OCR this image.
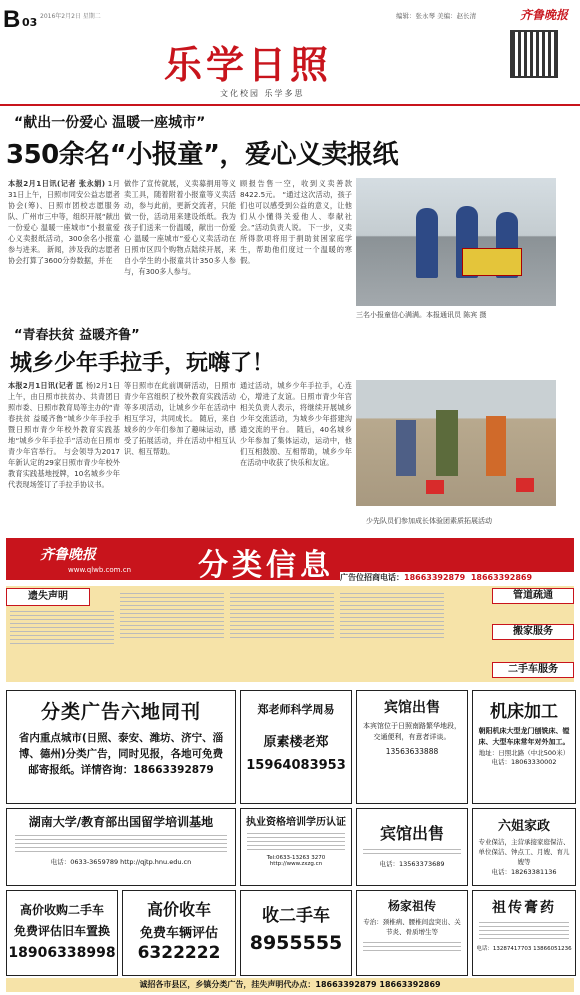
B 03 2016年2月2日 星期二	编辑：张永琴 美编：赵长清	齐鲁晚报
乐学日照
文化校园 乐学多思
“献出一份爱心 温暖一座城市”
350余名“小报童”，爱心义卖报纸
本报2月1日讯(记者 张永娟) 1月31日上午，日照市同安公益志愿者协会(筹)、日照市团校志愿服务队、广州市三中等，组织开展“献出一份爱心 温暖一座城市”小报童爱心义卖报纸活动，300余名小报童参与进来。 新闻，涉及我的志愿者协会打算了3600分券数据，并在
做作了宣传就展，义卖募捐用等义卖工具，随着附着小报童等义卖活动，参与此前，更新交流者，只能做一份，活动用来建设纸纸。我为孩子们送来一份温暖，献出一份爱心 温暖一座城市”爱心义卖活动在日照市区四个购物点陆续开展，来自小学生的小报童共计350多人参与，有300多人参与。
顾报告售一空，收到义卖善款8422.5元。 “通过这次活动，孩子们也可以感受到公益的意义，让他们从小懂得关爱他人、奉献社会。”活动负责人说。 下一步，义卖所得款项将用于捐助贫困家庭学生，帮助他们度过一个温暖的寒假。
三名小报童信心满满。本报通讯员 陈宾 摄
“青春扶贫 益暖齐鲁”
城乡少年手拉手，玩嗨了！
本报2月1日讯(记者 匡 杨)2月1日上午，由日照市扶贫办、共青团日照市委、日照市教育局等主办的“青春扶贫 益暖齐鲁”城乡少年手拉手暨日照市青少年校外教育实践基地“城乡少年手拉手”活动在日照市青少年宫举行。 与会领导为2017年新认定的29家日照市青少年校外教育实践基地授牌，10名城乡少年代表现场签订了手拉手协议书。
等日照市在此前调研活动，日照市青少年宫组织了校外教育实践活动等多项活动，让城乡少年在活动中相互学习，共同成长。 随后，来自城乡的少年们参加了趣味运动，感受了拓展活动，并在活动中相互认识、相互帮助。
通过活动，城乡少年手拉手，心连心，增进了友谊。日照市青少年宫相关负责人表示，将继续开展城乡少年交流活动，为城乡少年搭建沟通交流的平台。 随后，40名城乡少年参加了集体运动，运动中，他们互相鼓励、互相帮助，城乡少年在活动中收获了快乐和友谊。
少先队员们参加成长体验团素质拓展活动
齐鲁晚报
www.qlwb.com.cn 分类信息 广告位招商电话：18663392879 18663392869
遗失声明	管道疏通
搬家服务
二手车服务
分类广告六地同刊
省内重点城市(日照、泰安、潍坊、济宁、淄博、德州)分类广告，同时见报，各地可免费邮寄报纸。详情咨询：18663392879
郑老师科学周易
原素楼老郑
15964083953
宾馆出售
本宾馆位于日照南路繁华地段，交通便利，有意者详谈。
13563633888
机床加工
朝阳机床大型龙门刨铣床、镗床、大型车床常年对外加工。
地址：日照北路（中北500米）
电话：18063330002
湖南大学/教育部出国留学培训基地
电话：0633-3659789 http://qjtp.hnu.edu.cn
执业资格培训学历认证
Tel:0633-13263 3270 http://www.zxzg.cn
宾馆出售
电话：13563373689
六姐家政
专业保洁，主营承接家庭保洁、单位保洁、钟点工、月嫂、育儿嫂等
电话：18263381136
高价收购二手车
免费评估旧车置换
18906338998
高价收车
免费车辆评估
6322222
收二手车
8955555
杨家祖传
专治：颈椎病、腰椎间盘突出、关节炎、骨质增生等
祖传膏药
电话：13287417703 13866051236
诚招各市县区，乡镇分类广告，挂失声明代办点：18663392879 18663392869
